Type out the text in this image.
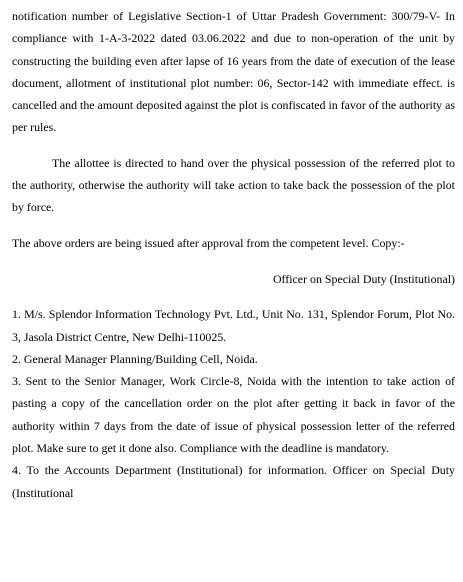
notification number of Legislative Section-1 of Uttar Pradesh Government: 300/79-V- In compliance with 1-A-3-2022 dated 03.06.2022 and due to non-operation of the unit by constructing the building even after lapse of 16 years from the date of execution of the lease document, allotment of institutional plot number: 06, Sector-142 with immediate effect. is cancelled and the amount deposited against the plot is confiscated in favor of the authority as per rules.

The allottee is directed to hand over the physical possession of the referred plot to the authority, otherwise the authority will take action to take back the possession of the plot by force.

The above orders are being issued after approval from the competent level. Copy:-

Officer on Special Duty (Institutional)

1. M/s. Splendor Information Technology Pvt. Ltd., Unit No. 131, Splendor Forum, Plot No. 3, Jasola District Centre, New Delhi-110025.

2. General Manager Planning/Building Cell, Noida.

3. Sent to the Senior Manager, Work Circle-8, Noida with the intention to take action of pasting a copy of the cancellation order on the plot after getting it back in favor of the authority within 7 days from the date of issue of physical possession letter of the referred plot. Make sure to get it done also. Compliance with the deadline is mandatory.

4. To the Accounts Department (Institutional) for information. Officer on Special Duty (Institutional
